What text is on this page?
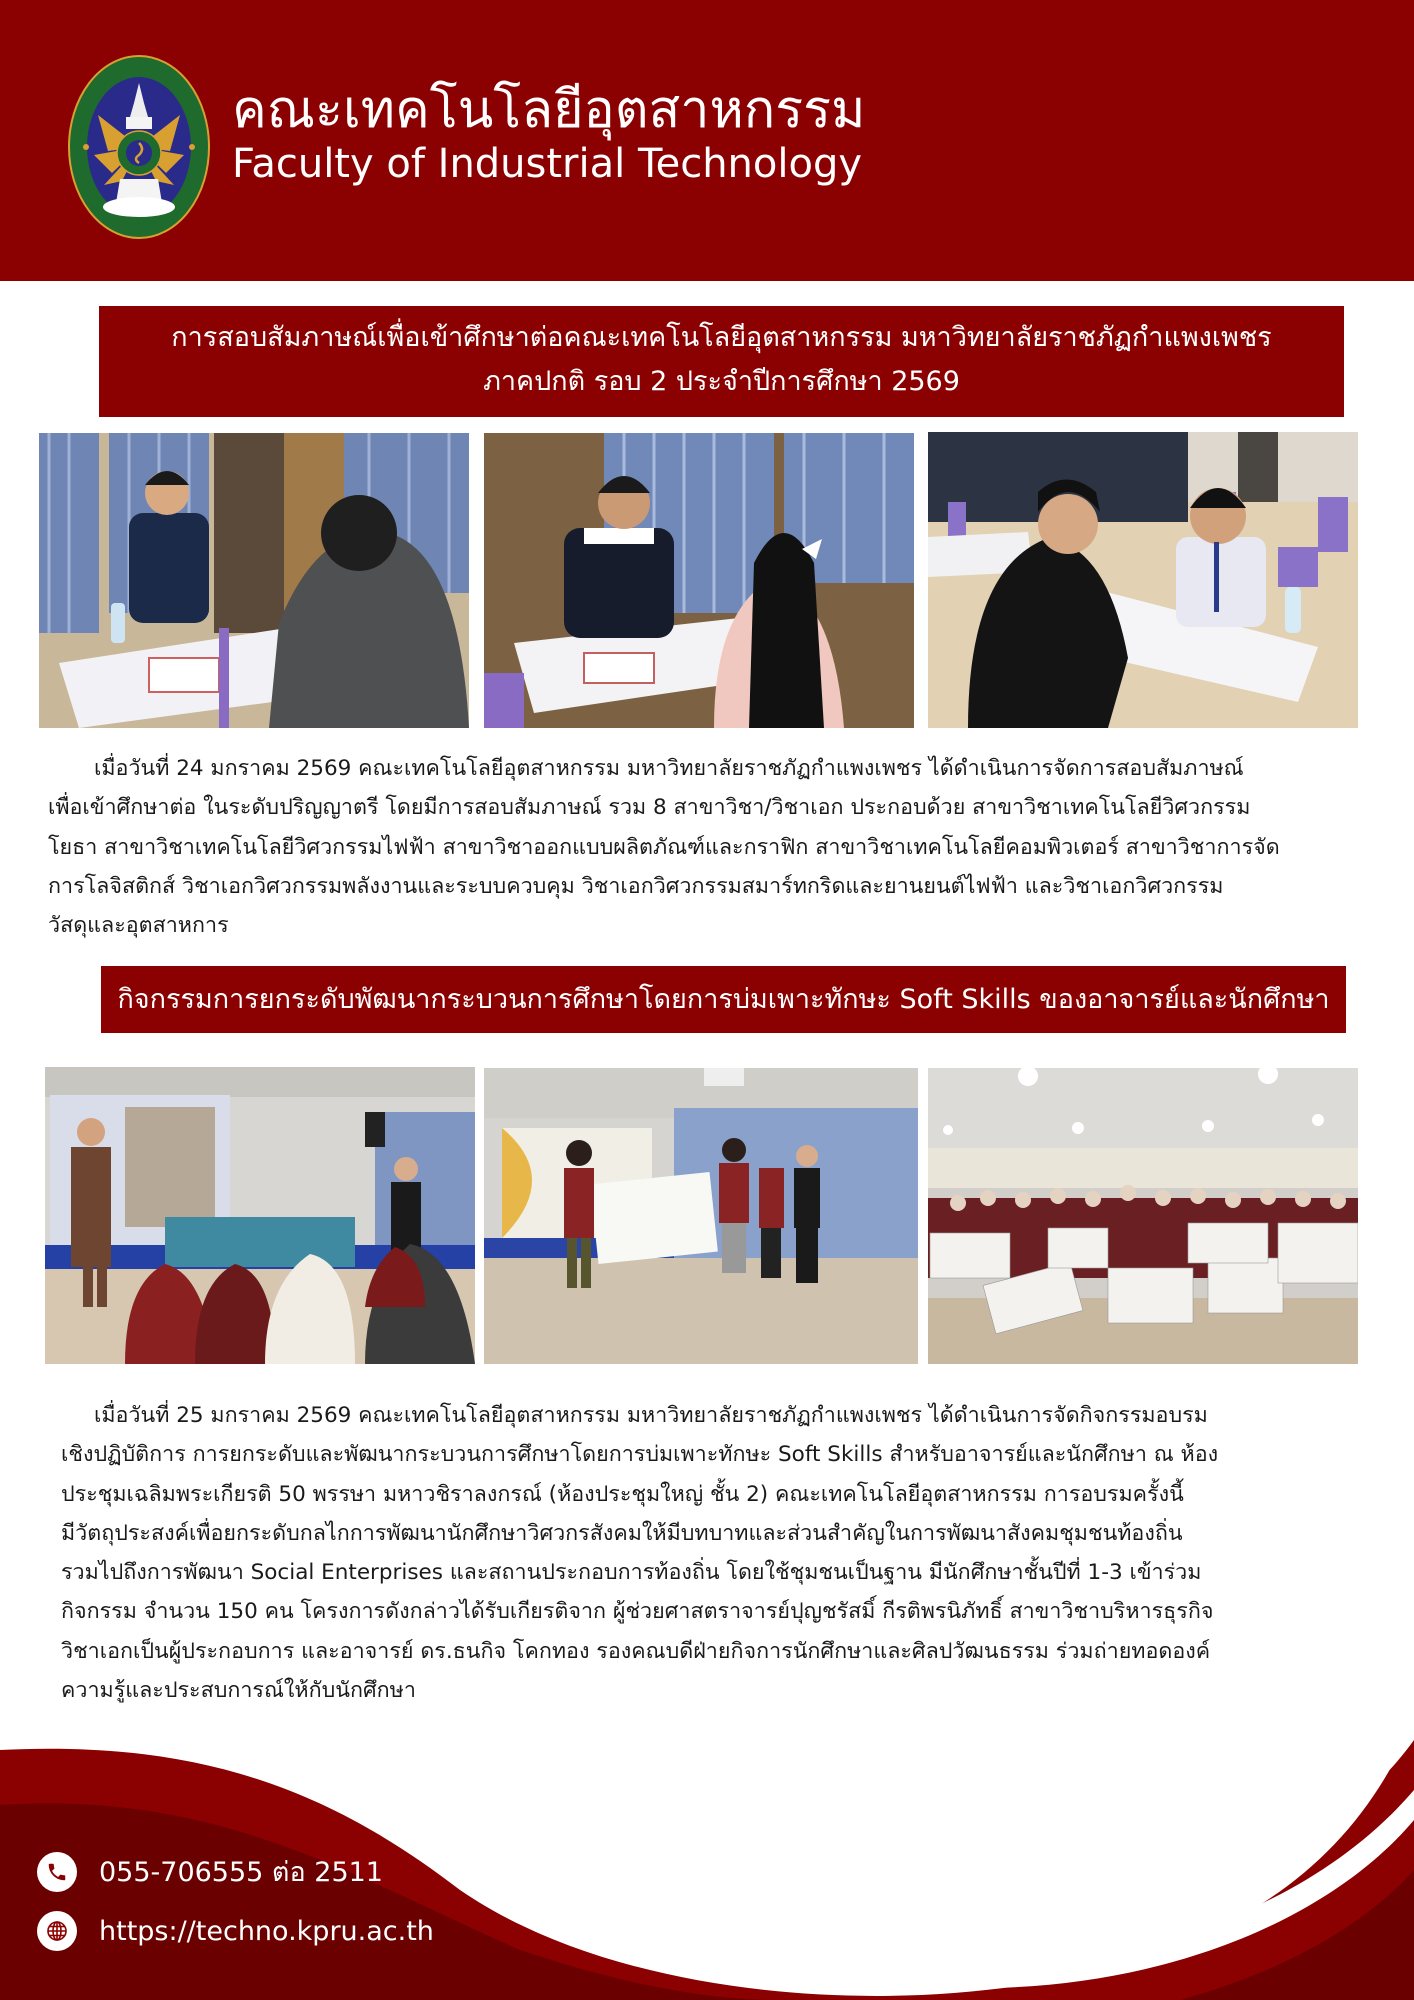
คณะเทคโนโลยีอุตสาหกรรม
Faculty of Industrial Technology
การสอบสัมภาษณ์เพื่อเข้าศึกษาต่อคณะเทคโนโลยีอุตสาหกรรม มหาวิทยาลัยราชภัฏกำแพงเพชร
ภาคปกติ รอบ 2 ประจำปีการศึกษา 2569
เมื่อวันที่ 24 มกราคม 2569 คณะเทคโนโลยีอุตสาหกรรม มหาวิทยาลัยราชภัฏกำแพงเพชร ได้ดำเนินการจัดการสอบสัมภาษณ์
เพื่อเข้าศึกษาต่อ ในระดับปริญญาตรี โดยมีการสอบสัมภาษณ์ รวม 8 สาขาวิชา/วิชาเอก ประกอบด้วย สาขาวิชาเทคโนโลยีวิศวกรรม
โยธา สาขาวิชาเทคโนโลยีวิศวกรรมไฟฟ้า สาขาวิชาออกแบบผลิตภัณฑ์และกราฟิก สาขาวิชาเทคโนโลยีคอมพิวเตอร์ สาขาวิชาการจัด
การโลจิสติกส์ วิชาเอกวิศวกรรมพลังงานและระบบควบคุม วิชาเอกวิศวกรรมสมาร์ทกริดและยานยนต์ไฟฟ้า และวิชาเอกวิศวกรรม
วัสดุและอุตสาหการ
กิจกรรมการยกระดับพัฒนากระบวนการศึกษาโดยการบ่มเพาะทักษะ Soft Skills ของอาจารย์และนักศึกษา
เมื่อวันที่ 25 มกราคม 2569 คณะเทคโนโลยีอุตสาหกรรม มหาวิทยาลัยราชภัฏกำแพงเพชร ได้ดำเนินการจัดกิจกรรมอบรม
เชิงปฏิบัติการ การยกระดับและพัฒนากระบวนการศึกษาโดยการบ่มเพาะทักษะ Soft Skills สำหรับอาจารย์และนักศึกษา ณ ห้อง
ประชุมเฉลิมพระเกียรติ 50 พรรษา มหาวชิราลงกรณ์ (ห้องประชุมใหญ่ ชั้น 2) คณะเทคโนโลยีอุตสาหกรรม การอบรมครั้งนี้
มีวัตถุประสงค์เพื่อยกระดับกลไกการพัฒนานักศึกษาวิศวกรสังคมให้มีบทบาทและส่วนสำคัญในการพัฒนาสังคมชุมชนท้องถิ่น
รวมไปถึงการพัฒนา Social Enterprises และสถานประกอบการท้องถิ่น โดยใช้ชุมชนเป็นฐาน มีนักศึกษาชั้นปีที่ 1-3 เข้าร่วม
กิจกรรม จำนวน 150 คน โครงการดังกล่าวได้รับเกียรติจาก ผู้ช่วยศาสตราจารย์ปุญชรัสมิ์ กีรติพรนิภัทธิ์ สาขาวิชาบริหารธุรกิจ
วิชาเอกเป็นผู้ประกอบการ และอาจารย์ ดร.ธนกิจ โคกทอง รองคณบดีฝ่ายกิจการนักศึกษาและศิลปวัฒนธรรม ร่วมถ่ายทอดองค์
ความรู้และประสบการณ์ให้กับนักศึกษา
055-706555 ต่อ 2511
https://techno.kpru.ac.th
